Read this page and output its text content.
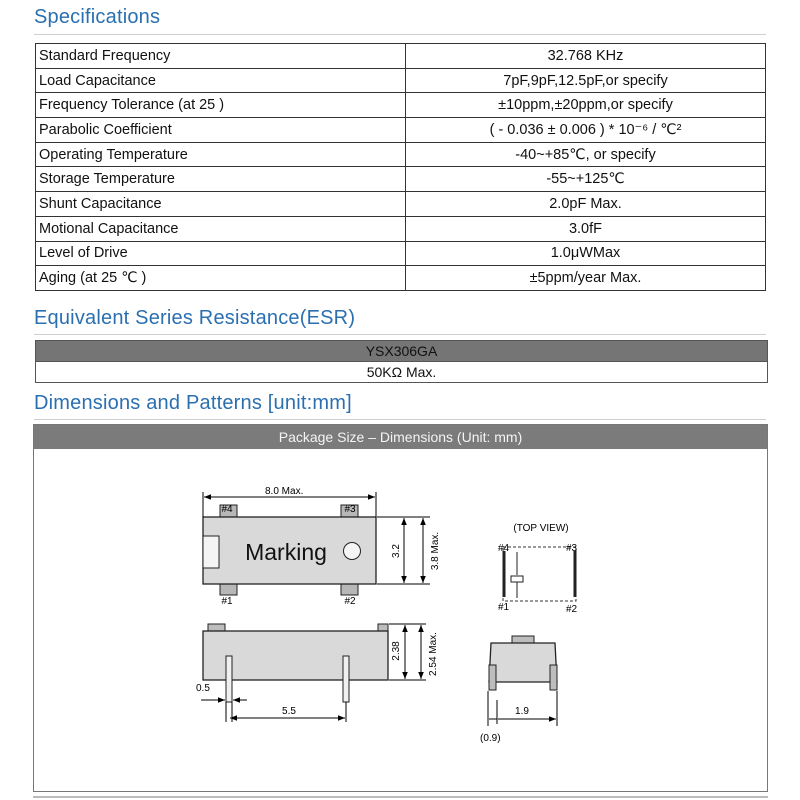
Specifications
Standard Frequency	32.768 KHz
Load Capacitance	7pF,9pF,12.5pF,or specify
Frequency Tolerance (at 25 )	±10ppm,±20ppm,or specify
Parabolic Coefficient	( - 0.036 ± 0.006 ) * 10⁻⁶ / ℃²
Operating Temperature	-40~+85℃, or specify
Storage Temperature	-55~+125℃
Shunt Capacitance	2.0pF Max.
Motional Capacitance	3.0fF
Level of Drive	1.0μWMax
Aging (at 25 ℃ )	±5ppm/year Max.
Equivalent Series Resistance(ESR)
YSX306GA
50KΩ Max.
Dimensions and Patterns [unit:mm]
Package Size – Dimensions (Unit: mm)
Marking
#4	#3
#1	#2
8.0 Max.
3.2	3.8 Max.
2.38	2.54 Max.
0.5
5.5
(TOP VIEW)
#4	#3
#1	#2
1.9
(0.9)
